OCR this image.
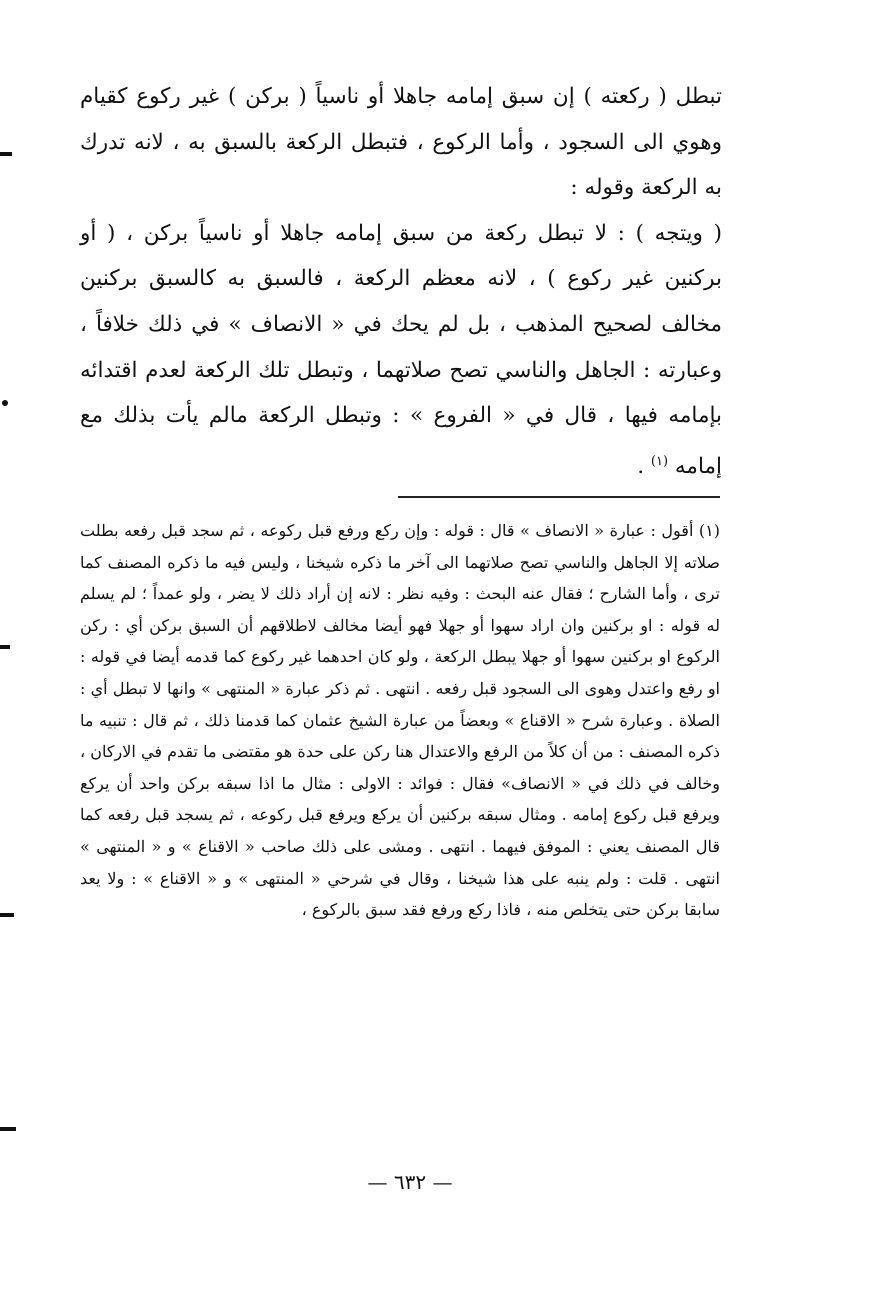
تبطل ( ركعته ) إن سبق إمامه جاهلا أو ناسياً ( بركن ) غير ركوع كقيام وهوي الى السجود ، وأما الركوع ، فتبطل الركعة بالسبق به ، لانه تدرك به الركعة وقوله :

( ويتجه ) : لا تبطل ركعة من سبق إمامه جاهلا أو ناسياً بركن ، ( أو بركنين غير ركوع ) ، لانه معظم الركعة ، فالسبق به كالسبق بركنين مخالف لصحيح المذهب ، بل لم يحك في « الانصاف » في ذلك خلافاً ، وعبارته : الجاهل والناسي تصح صلاتهما ، وتبطل تلك الركعة لعدم اقتدائه بإمامه فيها ، قال في « الفروع » : وتبطل الركعة مالم يأت بذلك مع إمامه $^{(١)}$ .

(١) أقول : عبارة « الانصاف » قال : قوله : وإن ركع ورفع قبل ركوعه ، ثم سجد قبل رفعه بطلت صلاته إلا الجاهل والناسي تصح صلاتهما الى آخر ما ذكره شيخنا ، وليس فيه ما ذكره المصنف كما ترى ، وأما الشارح ؛ فقال عنه البحث : وفيه نظر : لانه إن أراد ذلك لا يضر ، ولو عمداً ؛ لم يسلم له قوله : او بركنين وان اراد سهوا أو جهلا فهو أيضا مخالف لاطلاقهم أن السبق بركن أي : ركن الركوع او بركنين سهوا أو جهلا يبطل الركعة ، ولو كان احدهما غير ركوع كما قدمه أيضا في قوله : او رفع واعتدل وهوى الى السجود قبل رفعه . انتهى . ثم ذكر عبارة « المنتهى » وانها لا تبطل أي : الصلاة . وعبارة شرح « الاقناع » وبعضاً من عبارة الشيخ عثمان كما قدمنا ذلك ، ثم قال : تنبيه ما ذكره المصنف : من أن كلاً من الرفع والاعتدال هنا ركن على حدة هو مقتضى ما تقدم في الاركان ، وخالف في ذلك في « الانصاف» فقال : فوائد : الاولى : مثال ما اذا سبقه بركن واحد أن يركع ويرفع قبل ركوع إمامه . ومثال سبقه بركنين أن يركع ويرفع قبل ركوعه ، ثم يسجد قبل رفعه كما قال المصنف يعني : الموفق فيهما . انتهى . ومشى على ذلك صاحب « الاقناع » و « المنتهى » انتهى . قلت : ولم ينبه على هذا شيخنا ، وقال في شرحي « المنتهى » و « الاقناع » : ولا يعد سابقا بركن حتى يتخلص منه ، فاذا ركع ورفع فقد سبق بالركوع ،

— ٦٣٢ —
